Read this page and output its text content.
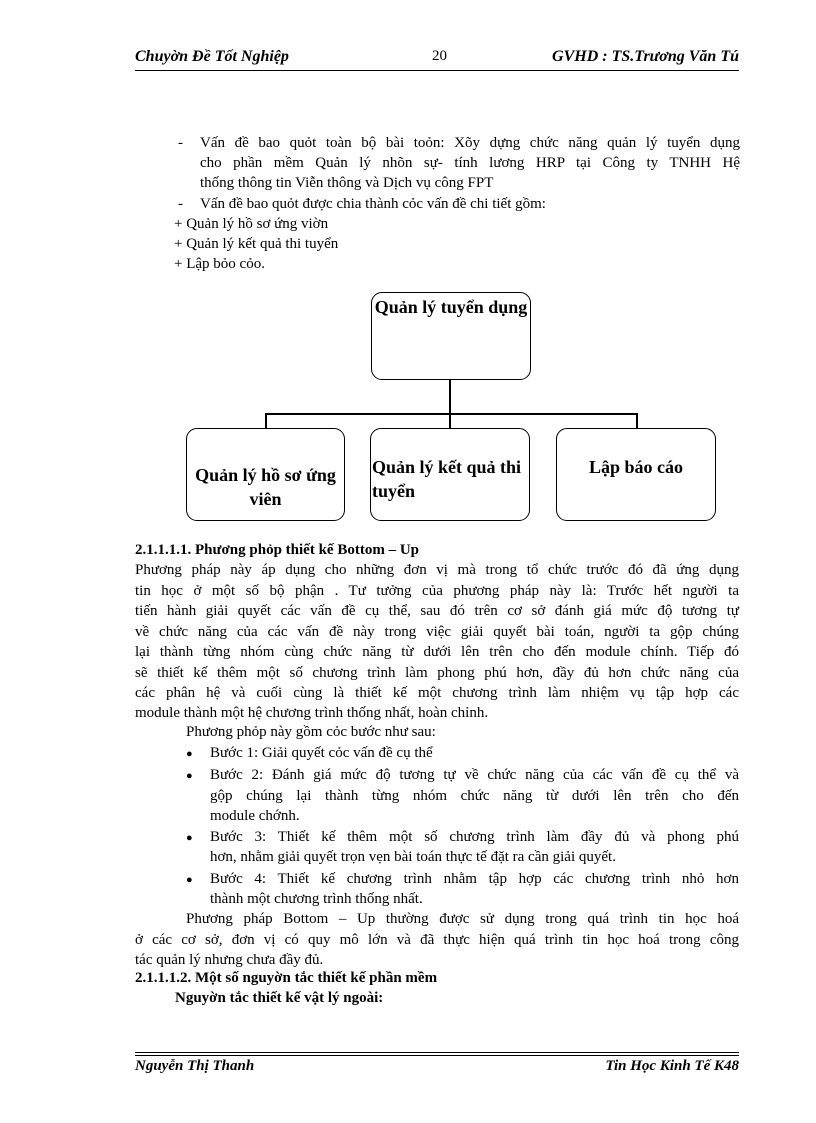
Chuyờn Đề Tốt Nghiệp	20	GVHD : TS.Trương Văn Tú
- Vấn đề bao quỏt toàn bộ bài toỏn: Xõy dựng chức năng quản lý tuyển dụng
cho phần mềm Quản lý nhõn sự- tính lương HRP tại Công ty TNHH Hệ
thống thông tin Viễn thông và Dịch vụ công FPT
- Vấn đề bao quỏt được chia thành cỏc vấn đề chi tiết gồm:
+ Quản lý hồ sơ ứng viờn
+ Quản lý kết quả thi tuyển
+ Lập bỏo cỏo.
Quản lý tuyển dụng
Quản lý hồ sơ ứng viên
Quản lý kết quả thi tuyển
Lập báo cáo
2.1.1.1.1. Phương phỏp thiết kế Bottom – Up
Phương pháp này áp dụng cho những đơn vị mà trong tổ chức trước đó đã ứng dụng
tin học ở một số bộ phận . Tư tưởng của phương pháp này là: Trước hết người ta
tiến hành giải quyết các vấn đề cụ thể, sau đó trên cơ sở đánh giá mức độ tương tự
về chức năng của các vấn đề này trong việc giải quyết bài toán, người ta gộp chúng
lại thành từng nhóm cùng chức năng từ dưới lên trên cho đến module chính. Tiếp đó
sẽ thiết kế thêm một số chương trình làm phong phú hơn, đầy đủ hơn chức năng của
các phân hệ và cuối cùng là thiết kế một chương trình làm nhiệm vụ tập hợp các
module thành một hệ chương trình thống nhất, hoàn chỉnh.
Phương phỏp này gồm cỏc bước như sau:
● Bước 1: Giải quyết cỏc vấn đề cụ thể
● Bước 2: Đánh giá mức độ tương tự về chức năng của các vấn đề cụ thể và
gộp chúng lại thành từng nhóm chức năng từ dưới lên trên cho đến
module chớnh.
● Bước 3: Thiết kế thêm một số chương trình làm đầy đủ và phong phú
hơn, nhằm giải quyết trọn vẹn bài toán thực tế đặt ra cần giải quyết.
● Bước 4: Thiết kế chương trình nhằm tập hợp các chương trình nhỏ hơn
thành một chương trình thống nhất.
Phương pháp Bottom – Up thường được sử dụng trong quá trình tin học hoá
ở các cơ sở, đơn vị có quy mô lớn và đã thực hiện quá trình tin học hoá trong công
tác quản lý nhưng chưa đầy đủ.
2.1.1.1.2. Một số nguyờn tắc thiết kế phần mềm
Nguyờn tắc thiết kế vật lý ngoài:
Nguyễn Thị Thanh	Tin Học Kinh Tế K48
